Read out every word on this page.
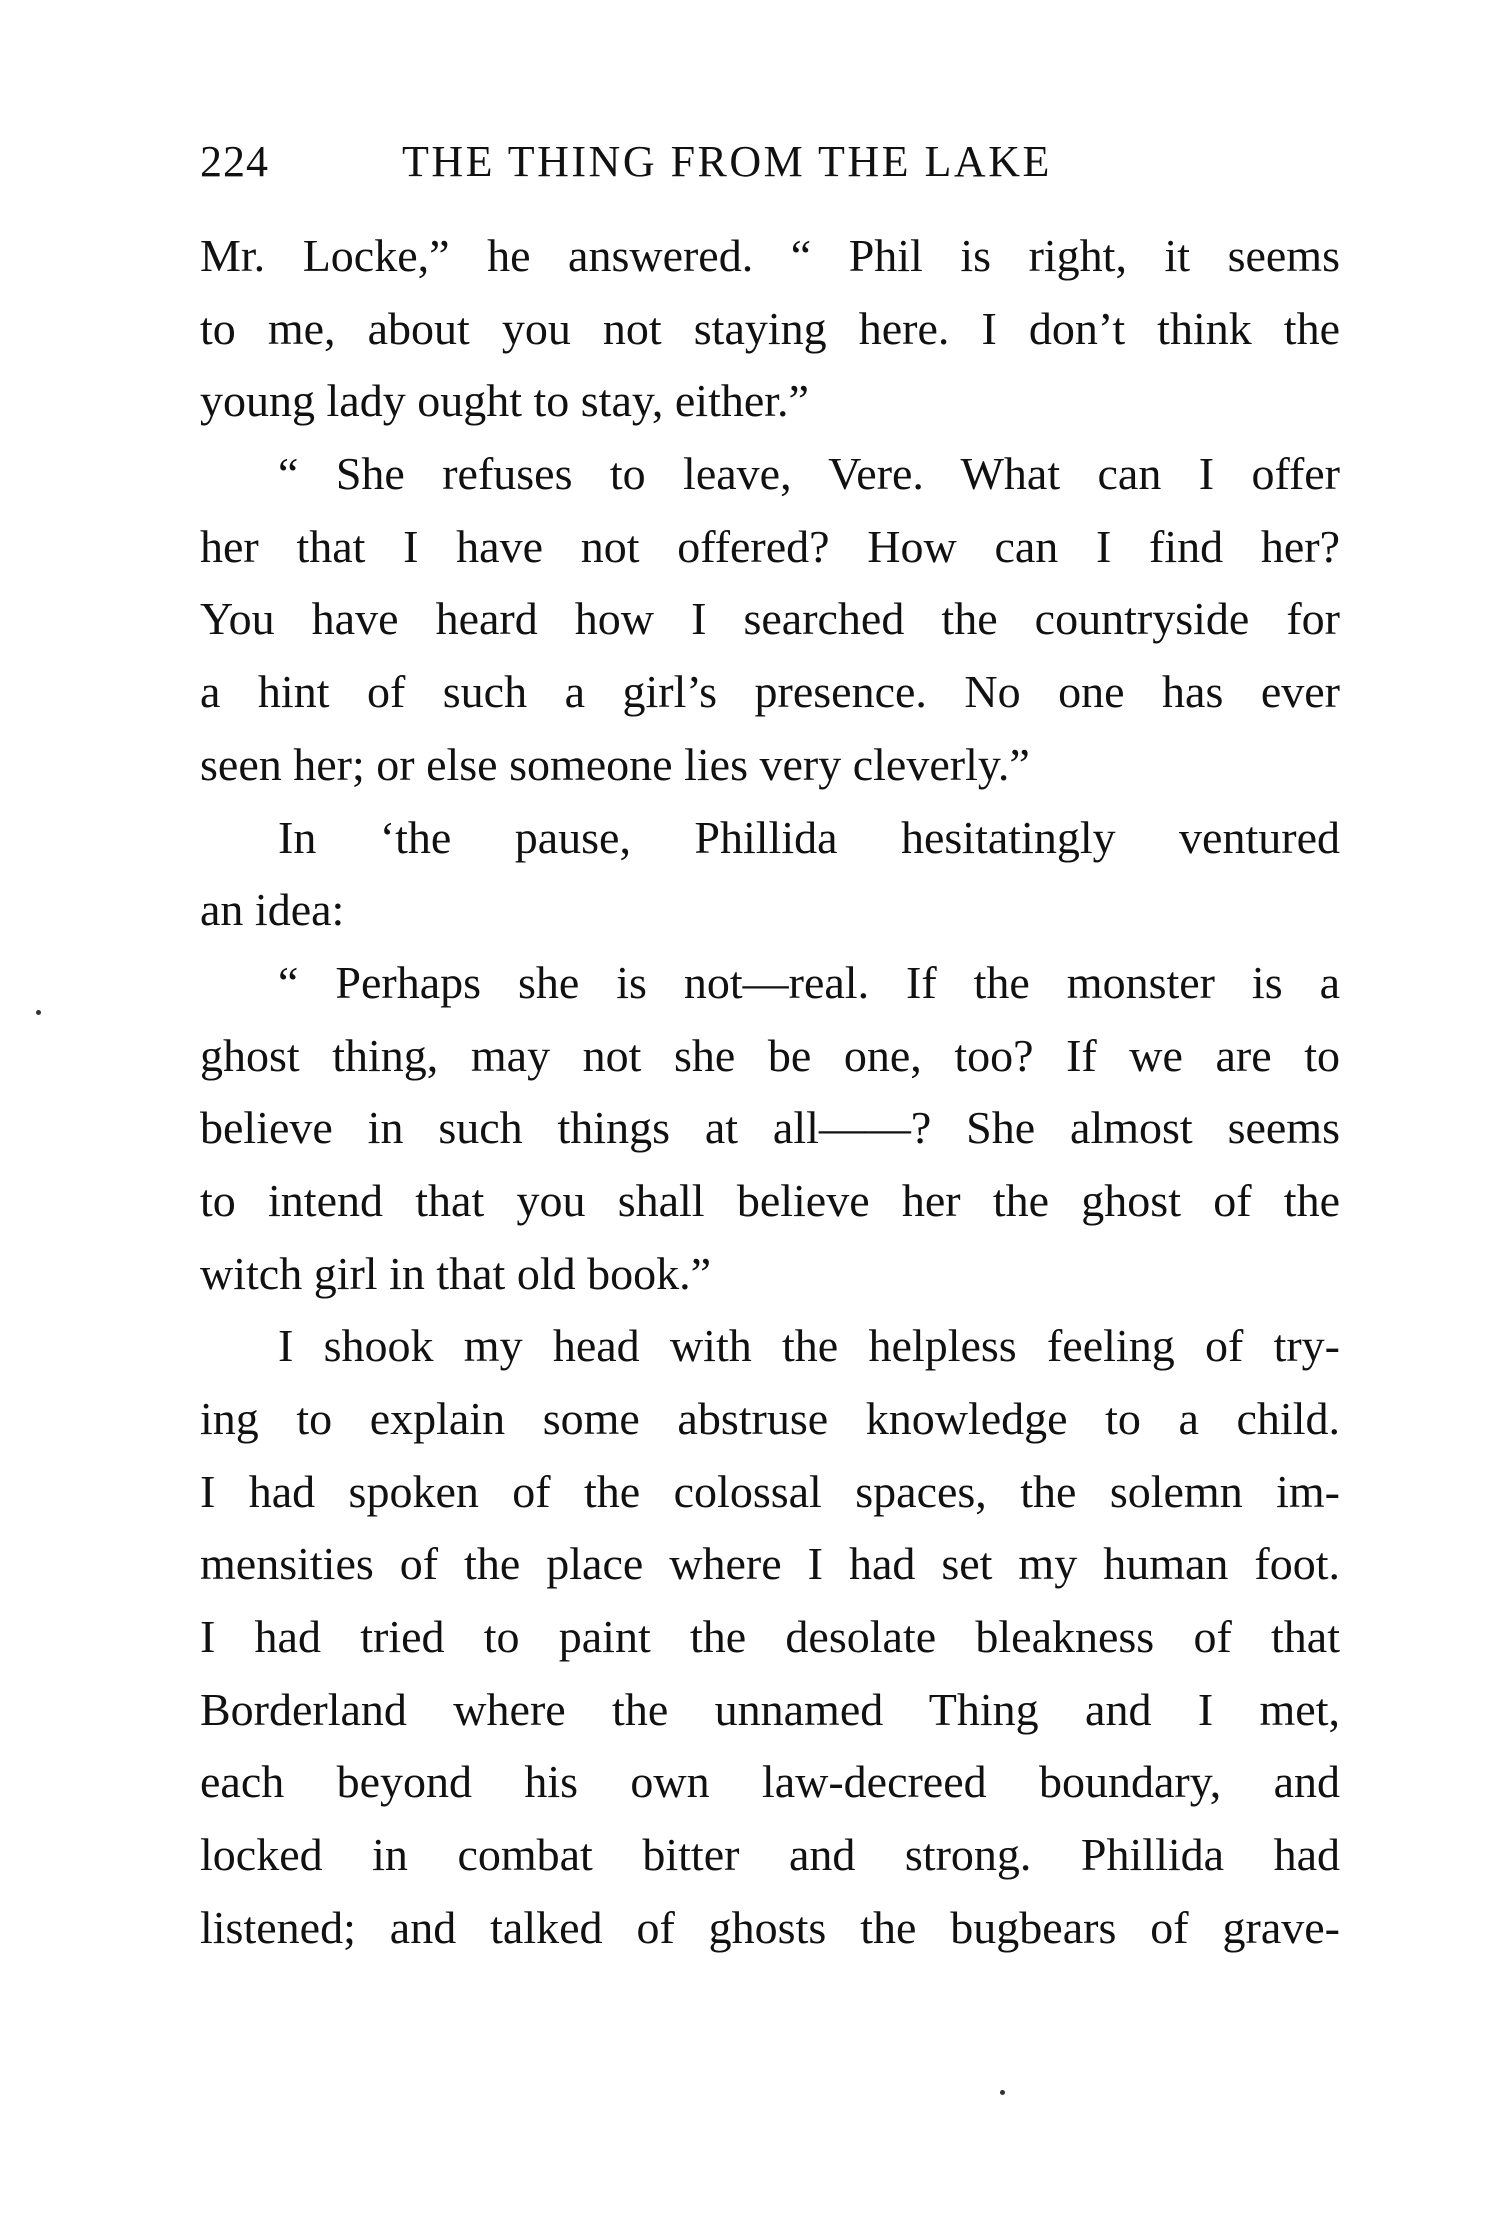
224	THE THING FROM THE LAKE
Mr. Locke,” he answered. “ Phil is right, it seems
to me, about you not staying here. I don’t think the
young lady ought to stay, either.”
“ She refuses to leave, Vere. What can I offer
her that I have not offered? How can I find her?
You have heard how I searched the countryside for
a hint of such a girl’s presence. No one has ever
seen her; or else someone lies very cleverly.”
In ‘the pause, Phillida hesitatingly ventured
an idea:
“ Perhaps she is not—real. If the monster is a
ghost thing, may not she be one, too? If we are to
believe in such things at all——? She almost seems
to intend that you shall believe her the ghost of the
witch girl in that old book.”
I shook my head with the helpless feeling of try-
ing to explain some abstruse knowledge to a child.
I had spoken of the colossal spaces, the solemn im-
mensities of the place where I had set my human foot.
I had tried to paint the desolate bleakness of that
Borderland where the unnamed Thing and I met,
each beyond his own law-decreed boundary, and
locked in combat bitter and strong. Phillida had
listened; and talked of ghosts the bugbears of grave-
